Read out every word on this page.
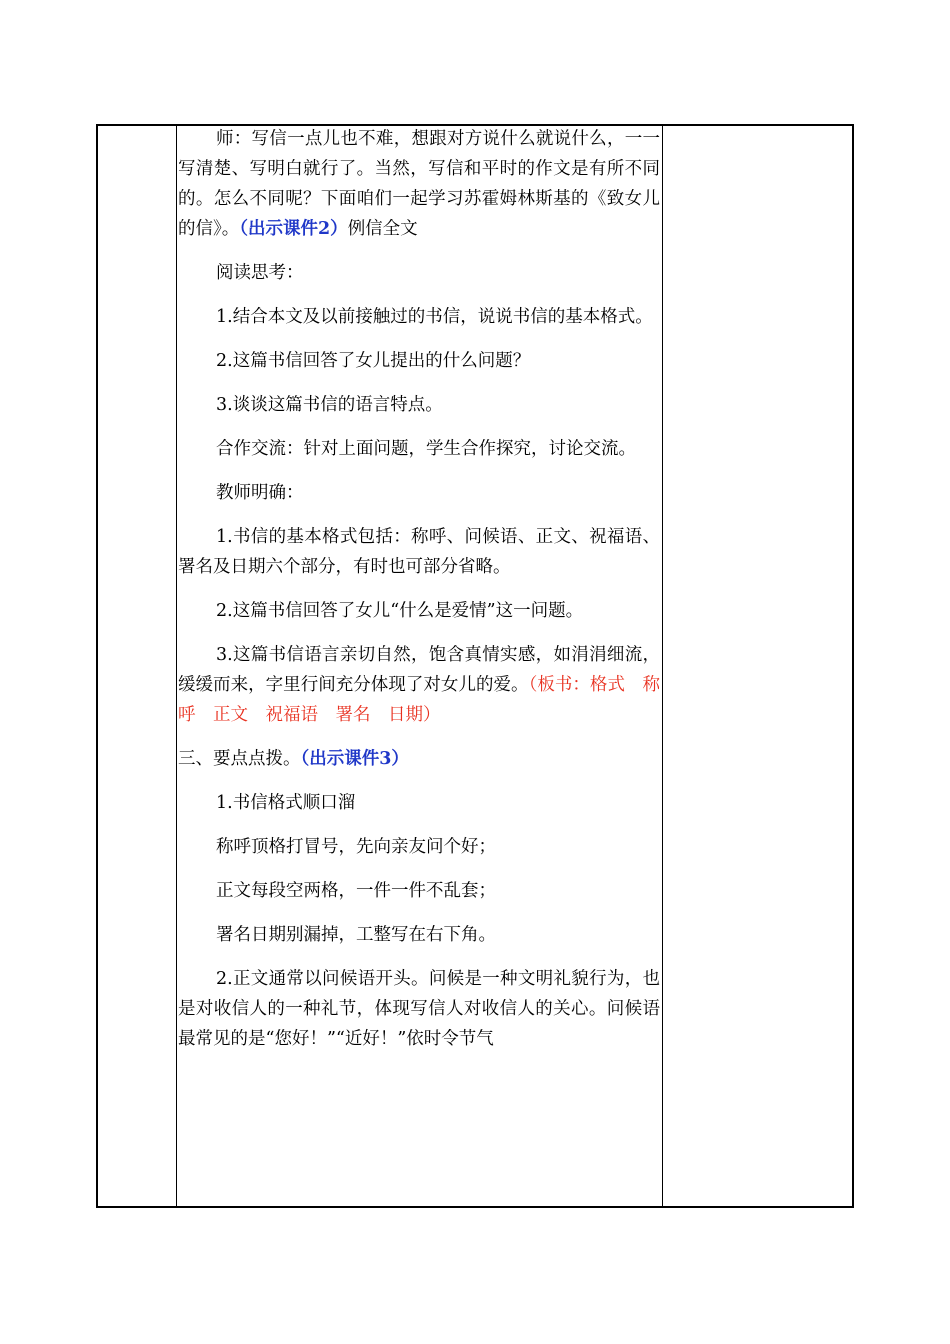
师：写信一点儿也不难，想跟对方说什么就说什么，一一写清楚、写明白就行了。当然，写信和平时的作文是有所不同的。怎么不同呢？下面咱们一起学习苏霍姆林斯基的《致女儿的信》。（出示课件2）例信全文

阅读思考：

1.结合本文及以前接触过的书信，说说书信的基本格式。

2.这篇书信回答了女儿提出的什么问题？

3.谈谈这篇书信的语言特点。

合作交流：针对上面问题，学生合作探究，讨论交流。

教师明确：

1.书信的基本格式包括：称呼、问候语、正文、祝福语、署名及日期六个部分，有时也可部分省略。

2.这篇书信回答了女儿“什么是爱情”这一问题。

3.这篇书信语言亲切自然，饱含真情实感，如涓涓细流，缓缓而来，字里行间充分体现了对女儿的爱。（板书：格式　称呼　正文　祝福语　署名　日期）

三、要点点拨。（出示课件3）

1.书信格式顺口溜

称呼顶格打冒号，先向亲友问个好；

正文每段空两格，一件一件不乱套；

署名日期别漏掉，工整写在右下角。

2.正文通常以问候语开头。问候是一种文明礼貌行为，也是对收信人的一种礼节，体现写信人对收信人的关心。问候语最常见的是“您好！”“近好！”依时令节气
